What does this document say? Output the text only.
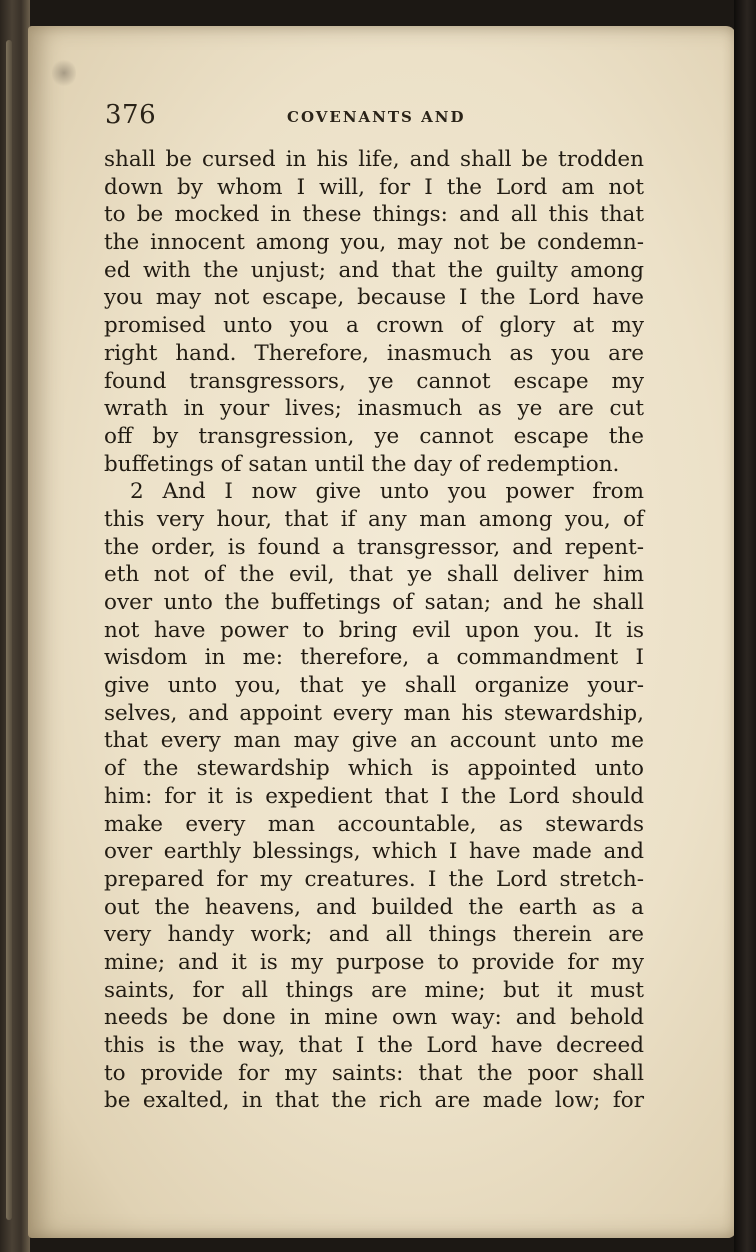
376	COVENANTS AND
shall be cursed in his life, and shall be trodden
down by whom I will, for I the Lord am not
to be mocked in these things: and all this that
the innocent among you, may not be condemn-
ed with the unjust; and that the guilty among
you may not escape, because I the Lord have
promised unto you a crown of glory at my
right hand. Therefore, inasmuch as you are
found transgressors, ye cannot escape my
wrath in your lives; inasmuch as ye are cut
off by transgression, ye cannot escape the
buffetings of satan until the day of redemption.
2 And I now give unto you power from
this very hour, that if any man among you, of
the order, is found a transgressor, and repent-
eth not of the evil, that ye shall deliver him
over unto the buffetings of satan; and he shall
not have power to bring evil upon you. It is
wisdom in me: therefore, a commandment I
give unto you, that ye shall organize your-
selves, and appoint every man his stewardship,
that every man may give an account unto me
of the stewardship which is appointed unto
him: for it is expedient that I the Lord should
make every man accountable, as stewards
over earthly blessings, which I have made and
prepared for my creatures. I the Lord stretch-
out the heavens, and builded the earth as a
very handy work; and all things therein are
mine; and it is my purpose to provide for my
saints, for all things are mine; but it must
needs be done in mine own way: and behold
this is the way, that I the Lord have decreed
to provide for my saints: that the poor shall
be exalted, in that the rich are made low; for
